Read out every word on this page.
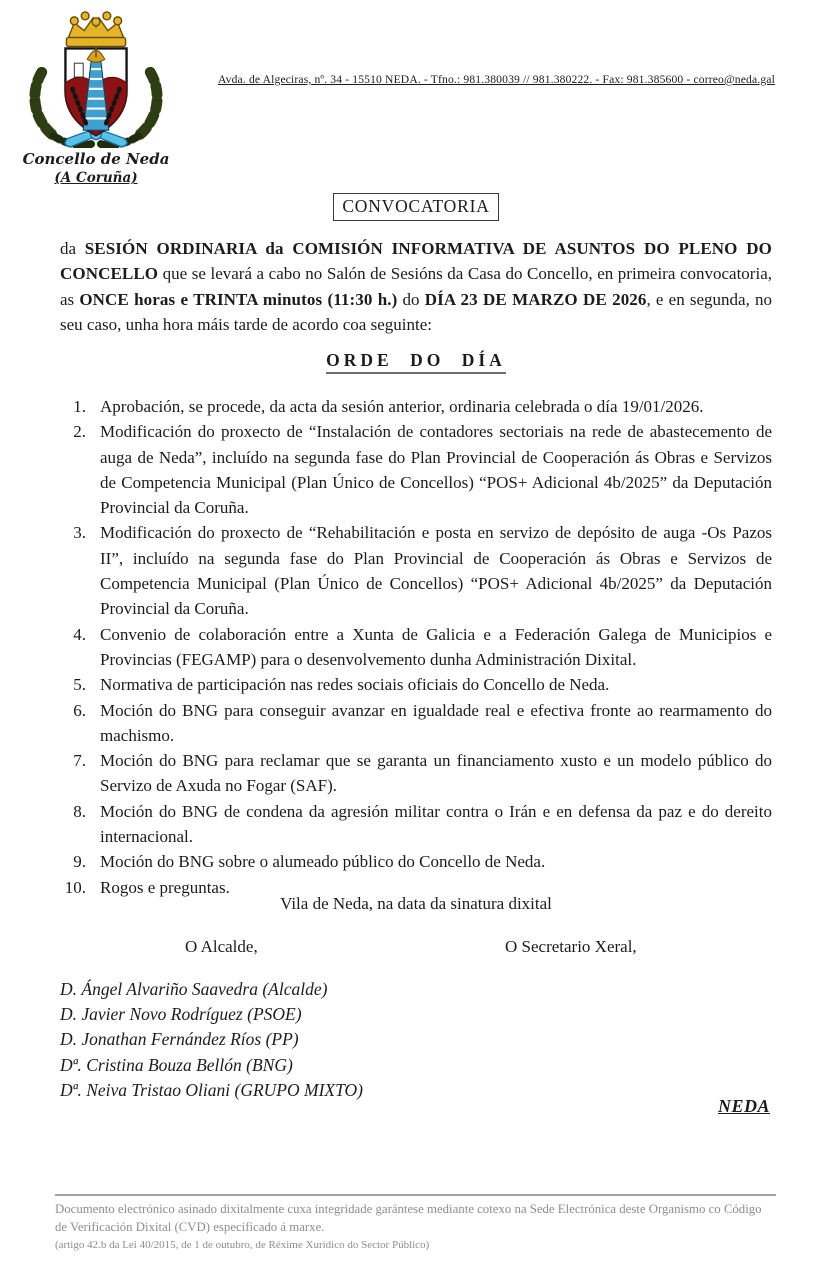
Concello de Neda
(A Coruña)
Avda. de Algeciras, nº. 34 - 15510 NEDA. - Tfno.: 981.380039 // 981.380222. - Fax: 981.385600 - correo@neda.gal
CONVOCATORIA

da SESIÓN ORDINARIA da COMISIÓN INFORMATIVA DE ASUNTOS DO PLENO DO CONCELLO que se levará a cabo no Salón de Sesións da Casa do Concello, en primeira convocatoria, as ONCE horas e TRINTA minutos (11:30 h.) do DÍA 23 DE MARZO DE 2026, e en segunda, no seu caso, unha hora máis tarde de acordo coa seguinte:

ORDE DO DÍA
1. Aprobación, se procede, da acta da sesión anterior, ordinaria celebrada o día 19/01/2026.
2. Modificación do proxecto de “Instalación de contadores sectoriais na rede de abastecemento de auga de Neda”, incluído na segunda fase do Plan Provincial de Cooperación ás Obras e Servizos de Competencia Municipal (Plan Único de Concellos) “POS+ Adicional 4b/2025” da Deputación Provincial da Coruña.
3. Modificación do proxecto de “Rehabilitación e posta en servizo de depósito de auga -Os Pazos II”, incluído na segunda fase do Plan Provincial de Cooperación ás Obras e Servizos de Competencia Municipal (Plan Único de Concellos) “POS+ Adicional 4b/2025” da Deputación Provincial da Coruña.
4. Convenio de colaboración entre a Xunta de Galicia e a Federación Galega de Municipios e Provincias (FEGAMP) para o desenvolvemento dunha Administración Dixital.
5. Normativa de participación nas redes sociais oficiais do Concello de Neda.
6. Moción do BNG para conseguir avanzar en igualdade real e efectiva fronte ao rearmamento do machismo.
7. Moción do BNG para reclamar que se garanta un financiamento xusto e un modelo público do Servizo de Axuda no Fogar (SAF).
8. Moción do BNG de condena da agresión militar contra o Irán e en defensa da paz e do dereito internacional.
9. Moción do BNG sobre o alumeado público do Concello de Neda.
10. Rogos e preguntas.
Vila de Neda, na data da sinatura dixital
O Alcalde,	O Secretario Xeral,
D. Ángel Alvariño Saavedra (Alcalde)
D. Javier Novo Rodríguez (PSOE)
D. Jonathan Fernández Ríos (PP)
Dª. Cristina Bouza Bellón (BNG)
Dª. Neiva Tristao Oliani (GRUPO MIXTO)
NEDA
Documento electrónico asinado dixitalmente cuxa integridade garántese mediante cotexo na Sede Electrónica deste Organismo co Código de Verificación Dixital (CVD) especificado á marxe.
(artigo 42.b da Lei 40/2015, de 1 de outubro, de Réxime Xurídico do Sector Público)
